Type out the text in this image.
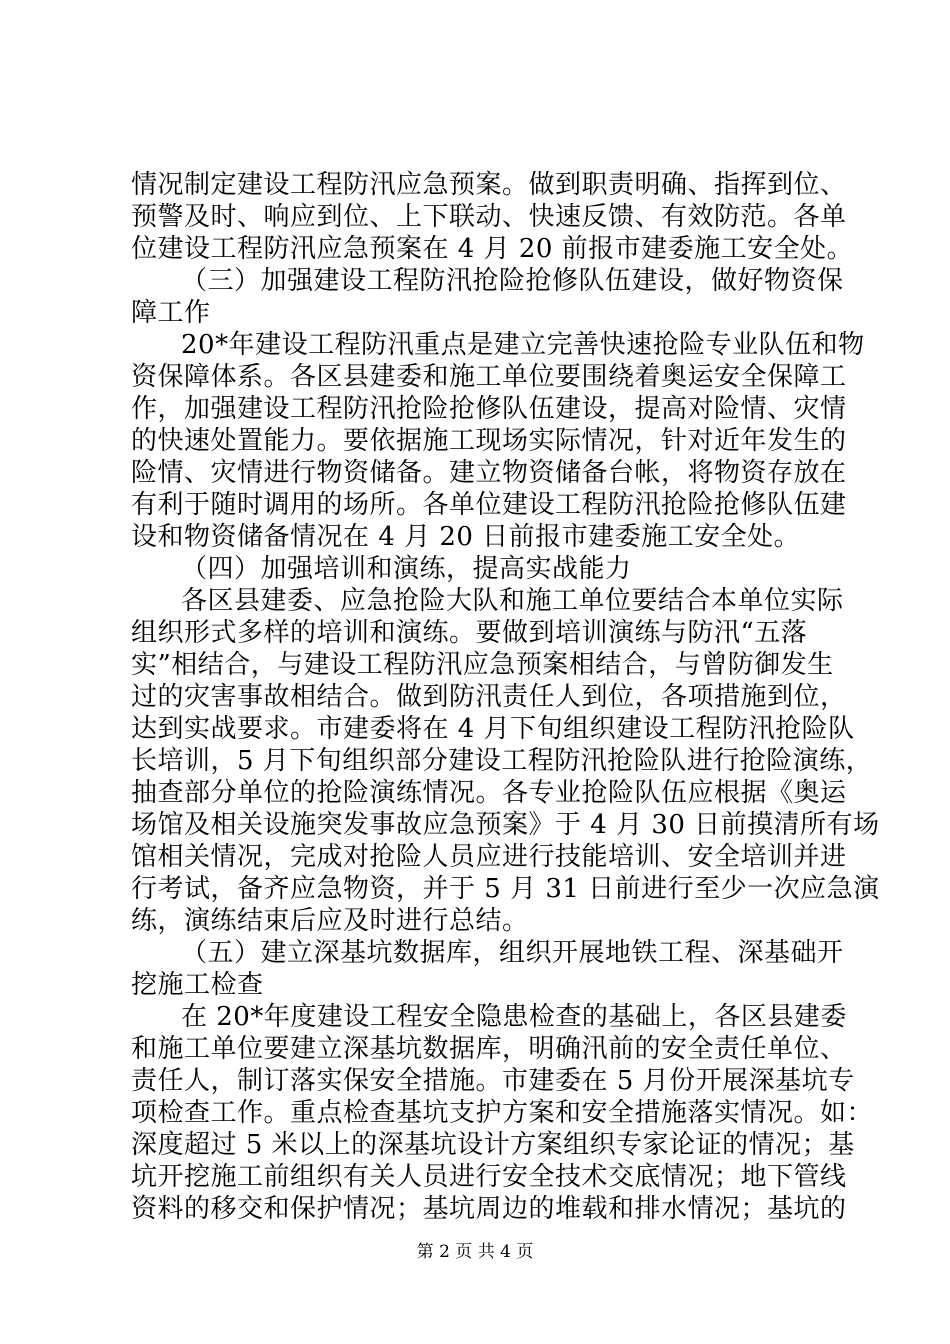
情况制定建设工程防汛应急预案。做到职责明确、指挥到位、
预警及时、响应到位、上下联动、快速反馈、有效防范。各单
位建设工程防汛应急预案在 4 月 20 前报市建委施工安全处。
（三）加强建设工程防汛抢险抢修队伍建设，做好物资保
障工作
20*年建设工程防汛重点是建立完善快速抢险专业队伍和物
资保障体系。各区县建委和施工单位要围绕着奥运安全保障工
作，加强建设工程防汛抢险抢修队伍建设，提高对险情、灾情
的快速处置能力。要依据施工现场实际情况，针对近年发生的
险情、灾情进行物资储备。建立物资储备台帐，将物资存放在
有利于随时调用的场所。各单位建设工程防汛抢险抢修队伍建
设和物资储备情况在 4 月 20 日前报市建委施工安全处。
（四）加强培训和演练，提高实战能力
各区县建委、应急抢险大队和施工单位要结合本单位实际
组织形式多样的培训和演练。要做到培训演练与防汛“五落
实”相结合，与建设工程防汛应急预案相结合，与曾防御发生
过的灾害事故相结合。做到防汛责任人到位，各项措施到位，
达到实战要求。市建委将在 4 月下旬组织建设工程防汛抢险队
长培训，5 月下旬组织部分建设工程防汛抢险队进行抢险演练，
抽查部分单位的抢险演练情况。各专业抢险队伍应根据《奥运
场馆及相关设施突发事故应急预案》于 4 月 30 日前摸清所有场
馆相关情况，完成对抢险人员应进行技能培训、安全培训并进
行考试，备齐应急物资，并于 5 月 31 日前进行至少一次应急演
练，演练结束后应及时进行总结。
（五）建立深基坑数据库，组织开展地铁工程、深基础开
挖施工检查
在 20*年度建设工程安全隐患检查的基础上，各区县建委
和施工单位要建立深基坑数据库，明确汛前的安全责任单位、
责任人，制订落实保安全措施。市建委在 5 月份开展深基坑专
项检查工作。重点检查基坑支护方案和安全措施落实情况。如：
深度超过 5 米以上的深基坑设计方案组织专家论证的情况；基
坑开挖施工前组织有关人员进行安全技术交底情况；地下管线
资料的移交和保护情况；基坑周边的堆载和排水情况；基坑的
第 2 页 共 4 页
